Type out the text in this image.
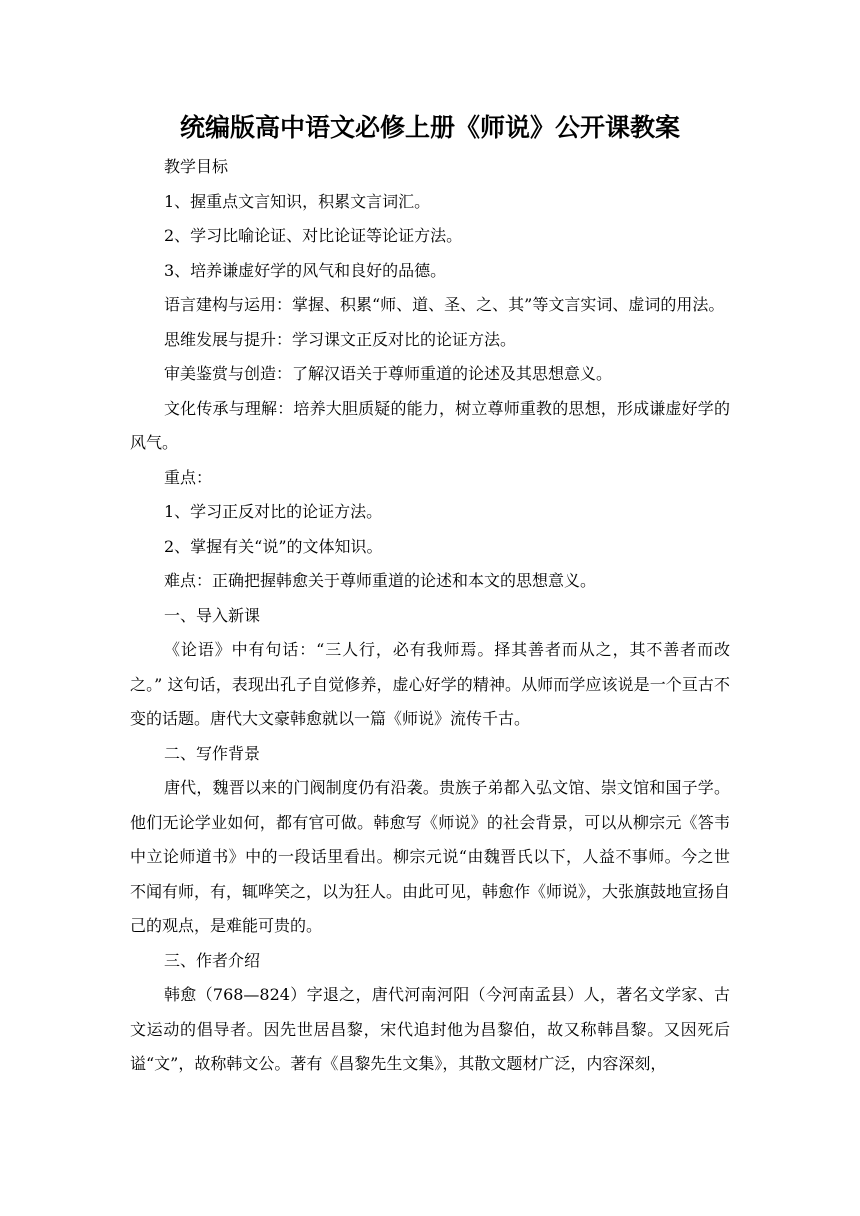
统编版高中语文必修上册《师说》公开课教案

教学目标

1、握重点文言知识，积累文言词汇。

2、学习比喻论证、对比论证等论证方法。

3、培养谦虚好学的风气和良好的品德。

语言建构与运用：掌握、积累“师、道、圣、之、其”等文言实词、虚词的用法。

思维发展与提升：学习课文正反对比的论证方法。

审美鉴赏与创造：了解汉语关于尊师重道的论述及其思想意义。

文化传承与理解：培养大胆质疑的能力，树立尊师重教的思想，形成谦虚好学的风气。

重点：

1、学习正反对比的论证方法。

2、掌握有关“说”的文体知识。

难点：正确把握韩愈关于尊师重道的论述和本文的思想意义。

一、导入新课

《论语》中有句话：“三人行，必有我师焉。择其善者而从之，其不善者而改之。” 这句话，表现出孔子自觉修养，虚心好学的精神。从师而学应该说是一个亘古不变的话题。唐代大文豪韩愈就以一篇《师说》流传千古。

二、写作背景

唐代，魏晋以来的门阀制度仍有沿袭。贵族子弟都入弘文馆、崇文馆和国子学。他们无论学业如何，都有官可做。韩愈写《师说》的社会背景，可以从柳宗元《答韦中立论师道书》中的一段话里看出。柳宗元说“由魏晋氏以下，人益不事师。今之世不闻有师，有，辄哗笑之，以为狂人。由此可见，韩愈作《师说》，大张旗鼓地宣扬自己的观点，是难能可贵的。

三、作者介绍

韩愈（768—824）字退之，唐代河南河阳（今河南孟县）人，著名文学家、古文运动的倡导者。因先世居昌黎，宋代追封他为昌黎伯，故又称韩昌黎。又因死后谥“文”，故称韩文公。著有《昌黎先生文集》，其散文题材广泛，内容深刻，
